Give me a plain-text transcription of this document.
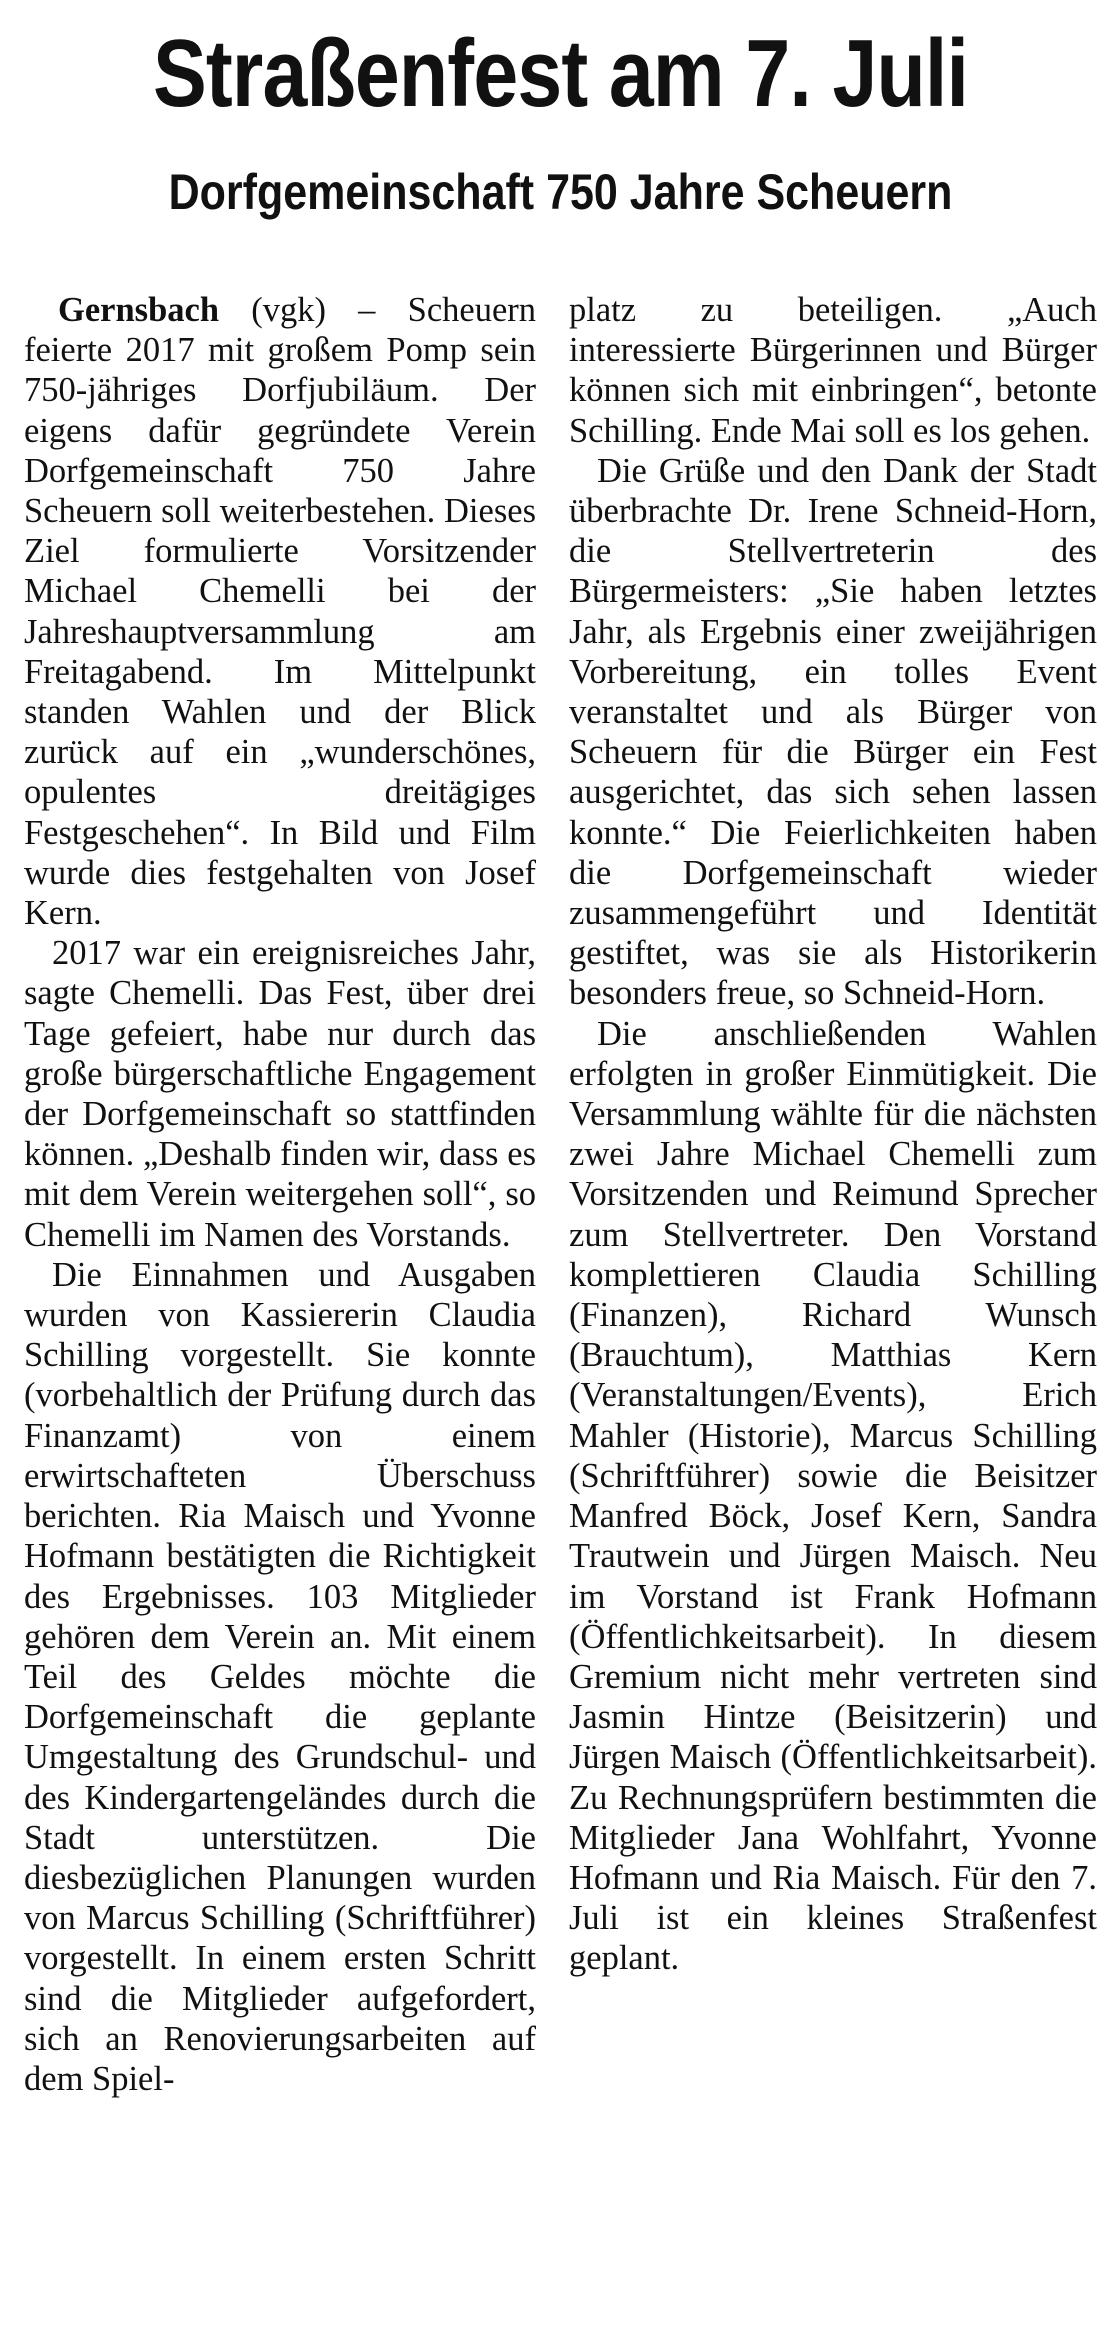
Straßenfest am 7. Juli
Dorfgemeinschaft 750 Jahre Scheuern

Gernsbach (vgk) – Scheuern feierte 2017 mit großem Pomp sein 750-jähriges Dorfjubiläum. Der eigens dafür gegründete Verein Dorfgemeinschaft 750 Jahre Scheuern soll weiterbestehen. Dieses Ziel formulierte Vorsitzender Michael Chemelli bei der Jahreshauptversammlung am Freitagabend. Im Mittelpunkt standen Wahlen und der Blick zurück auf ein „wunderschönes, opulentes dreitägiges Festgeschehen“. In Bild und Film wurde dies festgehalten von Josef Kern.

2017 war ein ereignisreiches Jahr, sagte Chemelli. Das Fest, über drei Tage gefeiert, habe nur durch das große bürgerschaftliche Engagement der Dorfgemeinschaft so stattfinden können. „Deshalb finden wir, dass es mit dem Verein weitergehen soll“, so Chemelli im Namen des Vorstands.

Die Einnahmen und Ausgaben wurden von Kassiererin Claudia Schilling vorgestellt. Sie konnte (vorbehaltlich der Prüfung durch das Finanzamt) von einem erwirtschafteten Überschuss berichten. Ria Maisch und Yvonne Hofmann bestätigten die Richtigkeit des Ergebnisses. 103 Mitglieder gehören dem Verein an. Mit einem Teil des Geldes möchte die Dorfgemeinschaft die geplante Umgestaltung des Grundschul- und des Kindergartengeländes durch die Stadt unterstützen. Die diesbezüglichen Planungen wurden von Marcus Schilling (Schriftführer) vorgestellt. In einem ersten Schritt sind die Mitglieder aufgefordert, sich an Renovierungsarbeiten auf dem Spiel-

platz zu beteiligen. „Auch interessierte Bürgerinnen und Bürger können sich mit einbringen“, betonte Schilling. Ende Mai soll es los gehen.

Die Grüße und den Dank der Stadt überbrachte Dr. Irene Schneid-Horn, die Stellvertreterin des Bürgermeisters: „Sie haben letztes Jahr, als Ergebnis einer zweijährigen Vorbereitung, ein tolles Event veranstaltet und als Bürger von Scheuern für die Bürger ein Fest ausgerichtet, das sich sehen lassen konnte.“ Die Feierlichkeiten haben die Dorfgemeinschaft wieder zusammengeführt und Identität gestiftet, was sie als Historikerin besonders freue, so Schneid-Horn.

Die anschließenden Wahlen erfolgten in großer Einmütigkeit. Die Versammlung wählte für die nächsten zwei Jahre Michael Chemelli zum Vorsitzenden und Reimund Sprecher zum Stellvertreter. Den Vorstand komplettieren Claudia Schilling (Finanzen), Richard Wunsch (Brauchtum), Matthias Kern (Veranstaltungen/Events), Erich Mahler (Historie), Marcus Schilling (Schriftführer) sowie die Beisitzer Manfred Böck, Josef Kern, Sandra Trautwein und Jürgen Maisch. Neu im Vorstand ist Frank Hofmann (Öffentlichkeitsarbeit). In diesem Gremium nicht mehr vertreten sind Jasmin Hintze (Beisitzerin) und Jürgen Maisch (Öffentlichkeitsarbeit). Zu Rechnungsprüfern bestimmten die Mitglieder Jana Wohlfahrt, Yvonne Hofmann und Ria Maisch. Für den 7. Juli ist ein kleines Straßenfest geplant.
